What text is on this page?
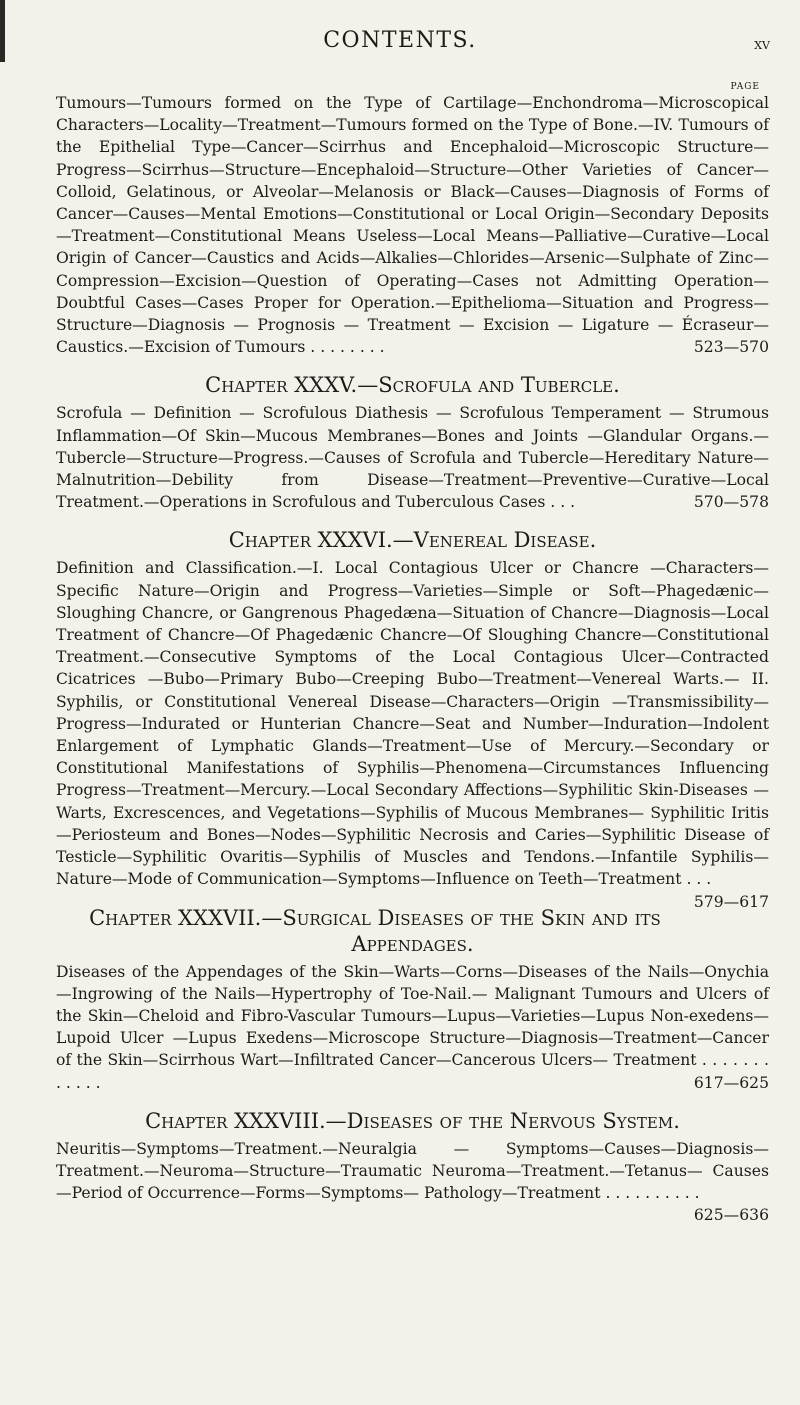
CONTENTS.	xv
PAGE

Tumours—Tumours formed on the Type of Cartilage—Enchondroma—Microscopical Characters—Locality—Treatment—Tumours formed on the Type of Bone.—IV. Tumours of the Epithelial Type—Cancer—Scirrhus and Encephaloid—Microscopic Structure—Progress—Scirrhus—Structure—Encephaloid—Structure—Other Varieties of Cancer—Colloid, Gelatinous, or Alveolar—Melanosis or Black—Causes—Diagnosis of Forms of Cancer—Causes—Mental Emotions—Constitutional or Local Origin—Secondary Deposits—Treatment—Constitutional Means Useless—Local Means—Palliative—Curative—Local Origin of Cancer—Caustics and Acids—Alkalies—Chlorides—Arsenic—Sulphate of Zinc—Compression—Excision—Question of Operating—Cases not Admitting Operation—Doubtful Cases—Cases Proper for Operation.—Epithelioma—Situation and Progress—Structure—Diagnosis — Prognosis — Treatment — Excision — Ligature — Écraseur—Caustics.—Excision of Tumours . . . . . . . .	523—570

Chapter XXXV.—Scrofula and Tubercle.

Scrofula — Definition — Scrofulous Diathesis — Scrofulous Temperament — Strumous Inflammation—Of Skin—Mucous Membranes—Bones and Joints —Glandular Organs.—Tubercle—Structure—Progress.—Causes of Scrofula and Tubercle—Hereditary Nature—Malnutrition—Debility from Disease—Treatment—Preventive—Curative—Local Treatment.—Operations in Scrofulous and Tuberculous Cases . . .	570—578

Chapter XXXVI.—Venereal Disease.

Definition and Classification.—I. Local Contagious Ulcer or Chancre —Characters—Specific Nature—Origin and Progress—Varieties—Simple or Soft—Phagedænic—Sloughing Chancre, or Gangrenous Phagedæna—Situation of Chancre—Diagnosis—Local Treatment of Chancre—Of Phagedænic Chancre—Of Sloughing Chancre—Constitutional Treatment.—Consecutive Symptoms of the Local Contagious Ulcer—Contracted Cicatrices —Bubo—Primary Bubo—Creeping Bubo—Treatment—Venereal Warts.— II. Syphilis, or Constitutional Venereal Disease—Characters—Origin —Transmissibility—Progress—Indurated or Hunterian Chancre—Seat and Number—Induration—Indolent Enlargement of Lymphatic Glands—Treatment—Use of Mercury.—Secondary or Constitutional Manifestations of Syphilis—Phenomena—Circumstances Influencing Progress—Treatment—Mercury.—Local Secondary Affections—Syphilitic Skin-Diseases —Warts, Excrescences, and Vegetations—Syphilis of Mucous Membranes— Syphilitic Iritis—Periosteum and Bones—Nodes—Syphilitic Necrosis and Caries—Syphilitic Disease of Testicle—Syphilitic Ovaritis—Syphilis of Muscles and Tendons.—Infantile Syphilis—Nature—Mode of Communication—Symptoms—Influence on Teeth—Treatment . . .
579—617

Chapter XXXVII.—Surgical Diseases of the Skin and its Appendages.

Diseases of the Appendages of the Skin—Warts—Corns—Diseases of the Nails—Onychia—Ingrowing of the Nails—Hypertrophy of Toe-Nail.— Malignant Tumours and Ulcers of the Skin—Cheloid and Fibro-Vascular Tumours—Lupus—Varieties—Lupus Non-exedens—Lupoid Ulcer —Lupus Exedens—Microscope Structure—Diagnosis—Treatment—Cancer of the Skin—Scirrhous Wart—Infiltrated Cancer—Cancerous Ulcers— Treatment . . . . . . . . . . . .	617—625

Chapter XXXVIII.—Diseases of the Nervous System.

Neuritis—Symptoms—Treatment.—Neuralgia — Symptoms—Causes—Diagnosis—Treatment.—Neuroma—Structure—Traumatic Neuroma—Treatment.—Tetanus— Causes—Period of Occurrence—Forms—Symptoms— Pathology—Treatment . . . . . . . . . .
625—636
